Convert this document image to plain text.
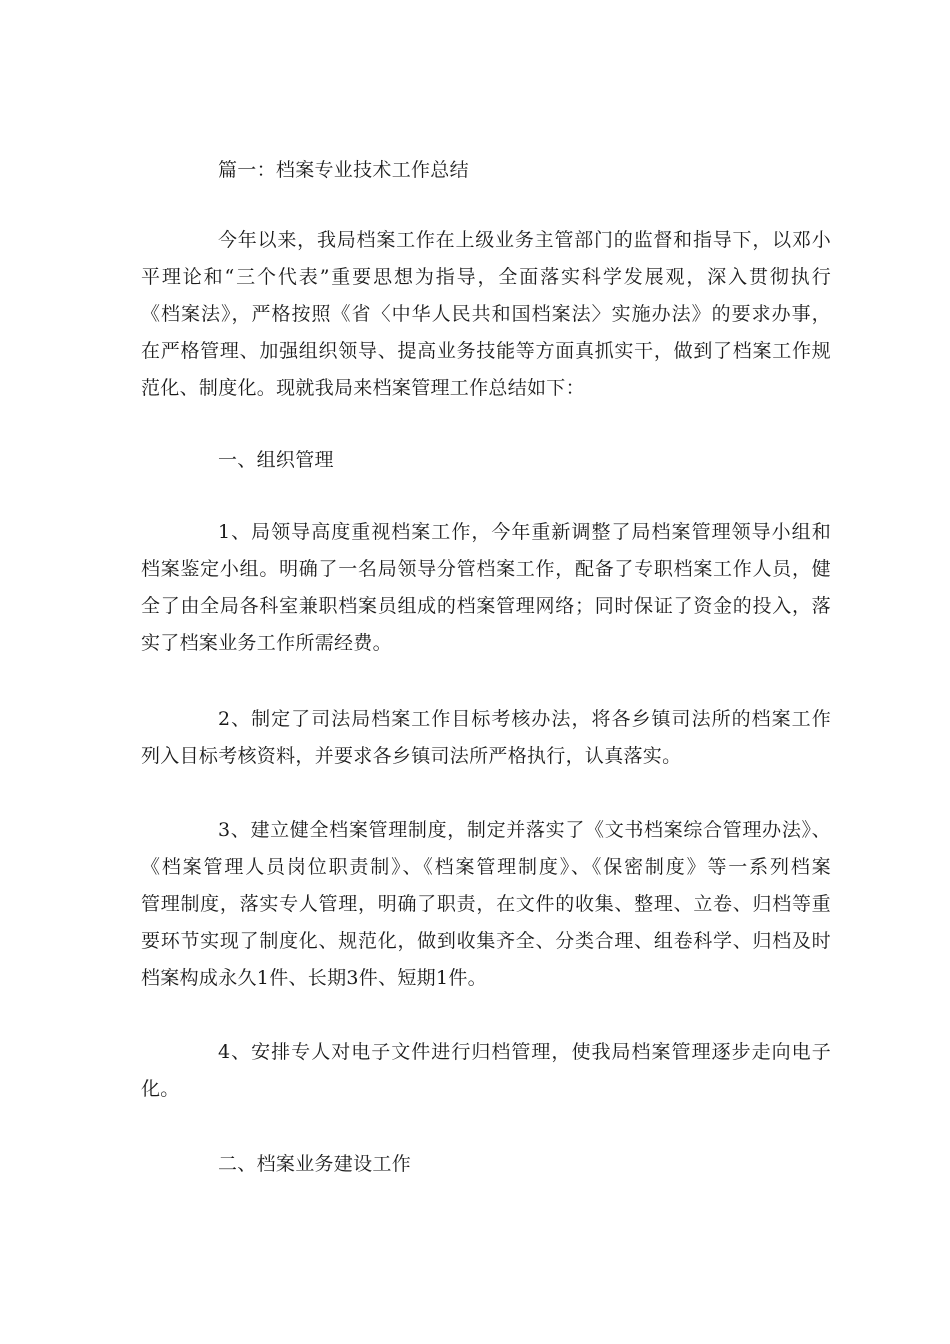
篇一：档案专业技术工作总结
今年以来，我局档案工作在上级业务主管部门的监督和指导下，以邓小
平理论和“三个代表”重要思想为指导，全面落实科学发展观，深入贯彻执行
《档案法》，严格按照《省〈中华人民共和国档案法〉实施办法》的要求办事，
在严格管理、加强组织领导、提高业务技能等方面真抓实干，做到了档案工作规
范化、制度化。现就我局来档案管理工作总结如下：
一、组织管理
1、局领导高度重视档案工作，今年重新调整了局档案管理领导小组和
档案鉴定小组。明确了一名局领导分管档案工作，配备了专职档案工作人员，健
全了由全局各科室兼职档案员组成的档案管理网络；同时保证了资金的投入，落
实了档案业务工作所需经费。
2、制定了司法局档案工作目标考核办法，将各乡镇司法所的档案工作
列入目标考核资料，并要求各乡镇司法所严格执行，认真落实。
3、建立健全档案管理制度，制定并落实了《文书档案综合管理办法》、
《档案管理人员岗位职责制》、《档案管理制度》、《保密制度》等一系列档案
管理制度，落实专人管理，明确了职责，在文件的收集、整理、立卷、归档等重
要环节实现了制度化、规范化，做到收集齐全、分类合理、组卷科学、归档及时
档案构成永久1件、长期3件、短期1件。
4、安排专人对电子文件进行归档管理，使我局档案管理逐步走向电子
化。
二、档案业务建设工作
